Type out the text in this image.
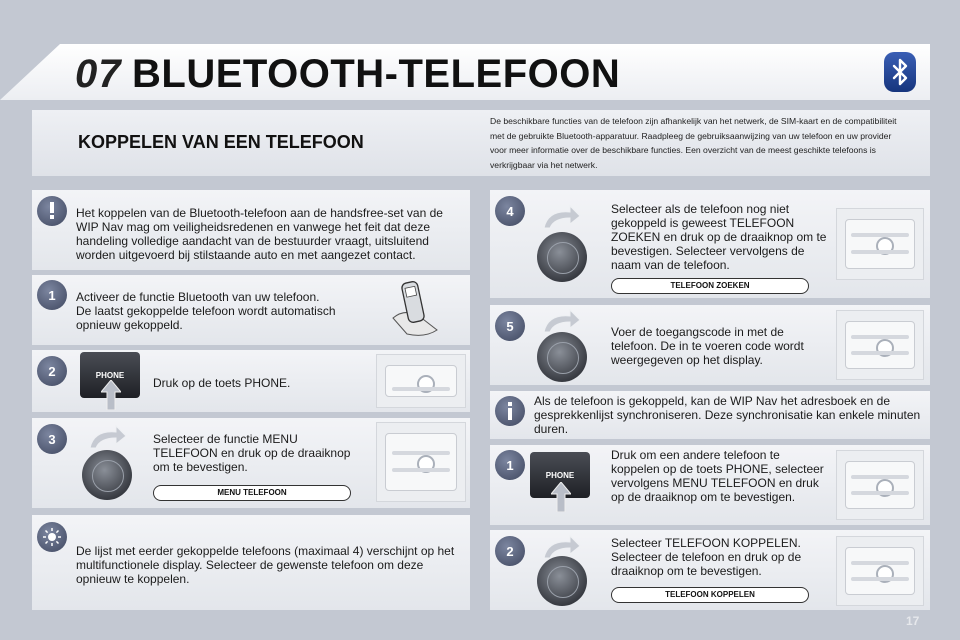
07 BLUETOOTH-TELEFOON
KOPPELEN VAN EEN TELEFOON
De beschikbare functies van de telefoon zijn afhankelijk van het netwerk, de SIM-kaart en de compatibiliteit met de gebruikte Bluetooth-apparatuur. Raadpleeg de gebruiksaanwijzing van uw telefoon en uw provider voor meer informatie over de beschikbare functies. Een overzicht van de meest geschikte telefoons is verkrijgbaar via het netwerk.
Het koppelen van de Bluetooth-telefoon aan de handsfree-set van de WIP Nav mag om veiligheidsredenen en vanwege het feit dat deze handeling volledige aandacht van de bestuurder vraagt, uitsluitend worden uitgevoerd bij stilstaande auto en met aangezet contact.
1	Activeer de functie Bluetooth van uw telefoon.
De laatst gekoppelde telefoon wordt automatisch opnieuw gekoppeld.
2	PHONE
Druk op de toets PHONE.
3	Selecteer de functie MENU TELEFOON en druk op de draaiknop om te bevestigen.
MENU TELEFOON
De lijst met eerder gekoppelde telefoons (maximaal 4) verschijnt op het multifunctionele display. Selecteer de gewenste telefoon om deze opnieuw te koppelen.
4	Selecteer als de telefoon nog niet gekoppeld is geweest TELEFOON ZOEKEN en druk op de draaiknop om te bevestigen. Selecteer vervolgens de naam van de telefoon.
TELEFOON ZOEKEN
5	Voer de toegangscode in met de telefoon. De in te voeren code wordt weergegeven op het display.
Als de telefoon is gekoppeld, kan de WIP Nav het adresboek en de gesprekkenlijst synchroniseren. Deze synchronisatie kan enkele minuten duren.
1
PHONE
Druk om een andere telefoon te koppelen op de toets PHONE, selecteer vervolgens MENU TELEFOON en druk op de draaiknop om te bevestigen.
2
Selecteer TELEFOON KOPPELEN. Selecteer de telefoon en druk op de draaiknop om te bevestigen.
TELEFOON KOPPELEN
17
